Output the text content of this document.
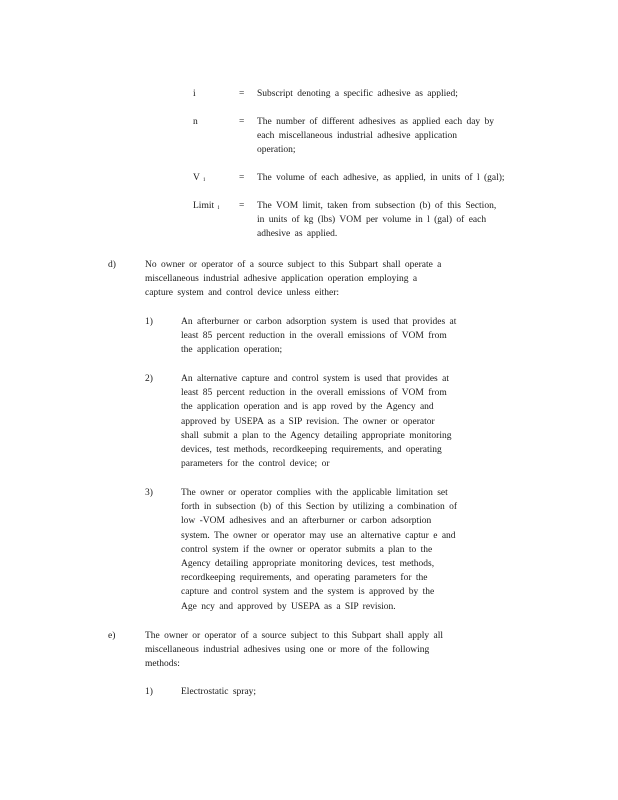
i	= Subscript denoting a specific adhesive as applied;
n	= The number of different adhesives as applied each day by
each miscellaneous industrial adhesive application
operation;
V i	= The volume of each adhesive, as applied, in units of l (gal);
Limit i = The VOM limit, taken from subsection (b) of this Section,
in units of kg (lbs) VOM per volume in l (gal) of each
adhesive as applied.
d)	No owner or operator of a source subject to this Subpart shall operate a
miscellaneous industrial adhesive application operation employing a
capture system and control device unless either:
1)	An afterburner or carbon adsorption system is used that provides at
least 85 percent reduction in the overall emissions of VOM from
the application operation;
2)	An alternative capture and control system is used that provides at
least 85 percent reduction in the overall emissions of VOM from
the application operation and is app roved by the Agency and
approved by USEPA as a SIP revision. The owner or operator
shall submit a plan to the Agency detailing appropriate monitoring
devices, test methods, recordkeeping requirements, and operating
parameters for the control device; or
3)	The owner or operator complies with the applicable limitation set
forth in subsection (b) of this Section by utilizing a combination of
low -VOM adhesives and an afterburner or carbon adsorption
system. The owner or operator may use an alternative captur e and
control system if the owner or operator submits a plan to the
Agency detailing appropriate monitoring devices, test methods,
recordkeeping requirements, and operating parameters for the
capture and control system and the system is approved by the
Age ncy and approved by USEPA as a SIP revision.
e)	The owner or operator of a source subject to this Subpart shall apply all
miscellaneous industrial adhesives using one or more of the following
methods:
1)	Electrostatic spray;
